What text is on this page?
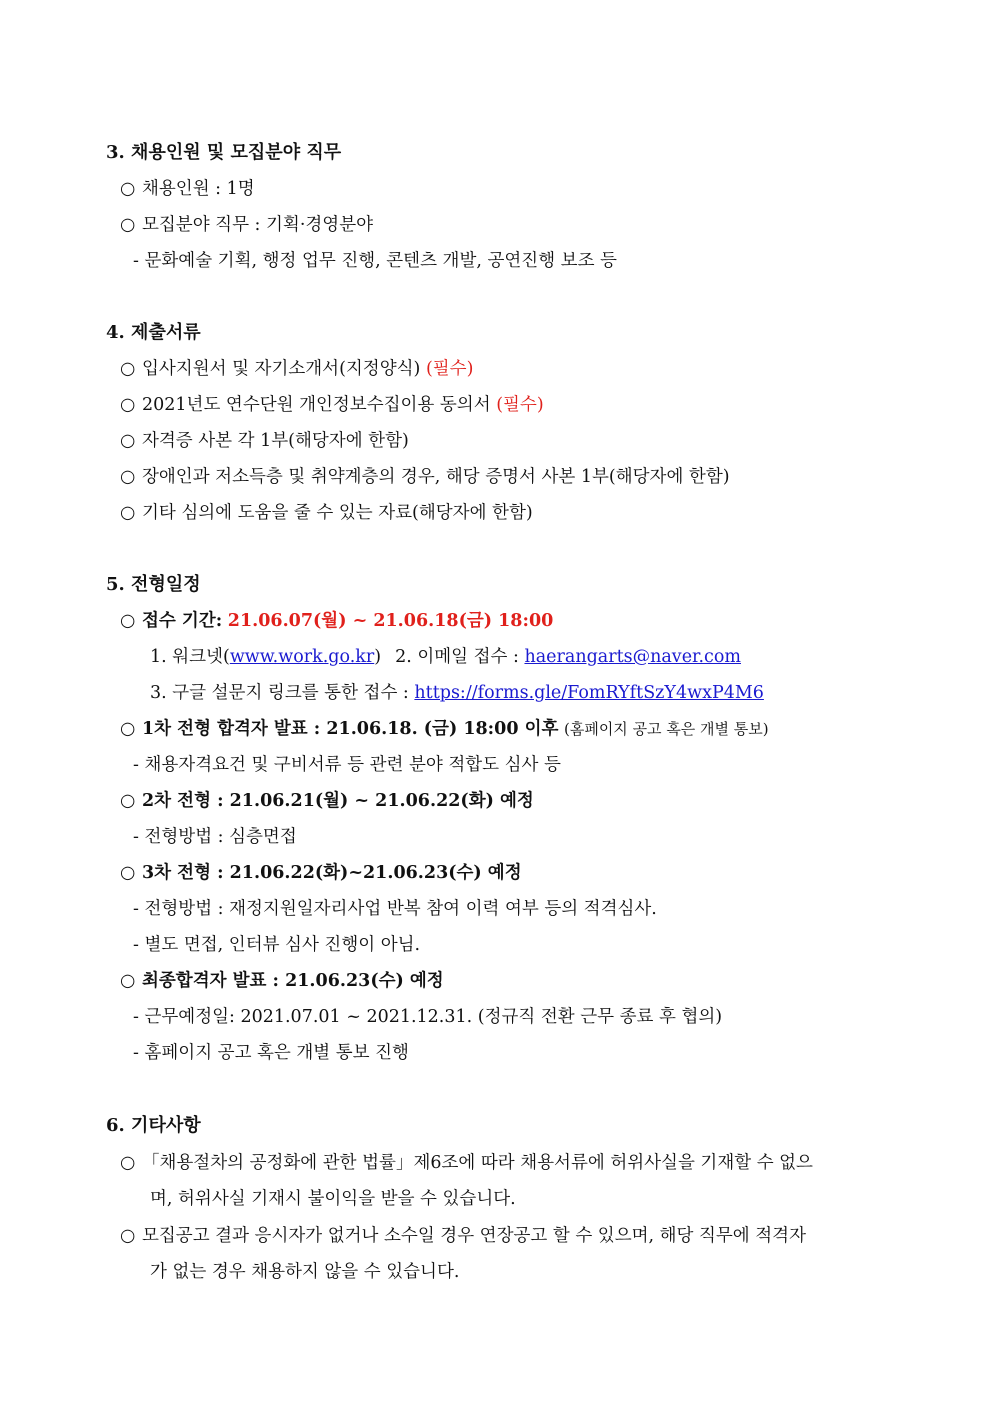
3. 채용인원 및 모집분야 직무
○ 채용인원 : 1명
○ 모집분야 직무 : 기획·경영분야
- 문화예술 기획, 행정 업무 진행, 콘텐츠 개발, 공연진행 보조 등
4. 제출서류
○ 입사지원서 및 자기소개서(지정양식) (필수)
○ 2021년도 연수단원 개인정보수집이용 동의서 (필수)
○ 자격증 사본 각 1부(해당자에 한함)
○ 장애인과 저소득층 및 취약계층의 경우, 해당 증명서 사본 1부(해당자에 한함)
○ 기타 심의에 도움을 줄 수 있는 자료(해당자에 한함)
5. 전형일정
○ 접수 기간: 21.06.07(월) ~ 21.06.18(금) 18:00
1. 워크넷(www.work.go.kr) 2. 이메일 접수 : haerangarts@naver.com
3. 구글 설문지 링크를 통한 접수 : https://forms.gle/FomRYftSzY4wxP4M6
○ 1차 전형 합격자 발표 : 21.06.18. (금) 18:00 이후 (홈페이지 공고 혹은 개별 통보)
- 채용자격요건 및 구비서류 등 관련 분야 적합도 심사 등
○ 2차 전형 : 21.06.21(월) ~ 21.06.22(화) 예정
- 전형방법 : 심층면접
○ 3차 전형 : 21.06.22(화)~21.06.23(수) 예정
- 전형방법 : 재정지원일자리사업 반복 참여 이력 여부 등의 적격심사.
- 별도 면접, 인터뷰 심사 진행이 아님.
○ 최종합격자 발표 : 21.06.23(수) 예정
- 근무예정일: 2021.07.01 ~ 2021.12.31. (정규직 전환 근무 종료 후 협의)
- 홈페이지 공고 혹은 개별 통보 진행
6. 기타사항
○ 「채용절차의 공정화에 관한 법률」제6조에 따라 채용서류에 허위사실을 기재할 수 없으
며, 허위사실 기재시 불이익을 받을 수 있습니다.
○ 모집공고 결과 응시자가 없거나 소수일 경우 연장공고 할 수 있으며, 해당 직무에 적격자
가 없는 경우 채용하지 않을 수 있습니다.
